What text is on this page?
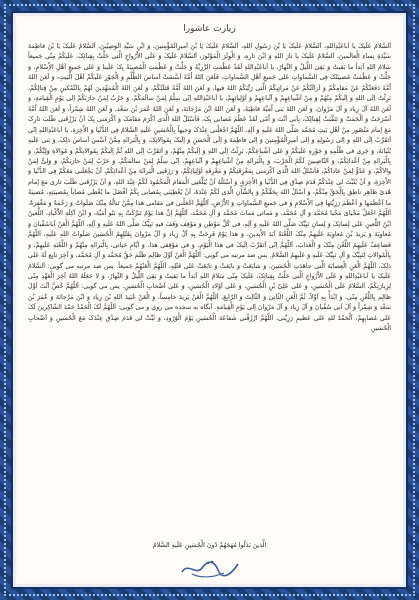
زیارت عاشورا
اَلسَّلامُ عَلَیکَ یا اَباعَبْدِاللهِ، اَلسَّلامُ عَلَیکَ یَا بْنَ رَسُولِ اللهِ، اَلسَّلامُ عَلَیکَ یَا بْنَ اَمیرِالْمُؤْمِنینَ، وَ ابْنِ سَیِّدِ الْوَصِیّینَ، اَلسَّلامُ عَلَیکَ یَا بْنَ فاطِمَةَ سَیِّدَةِ نِساءِ الْعالَمینَ، اَلسَّلامُ عَلَیکَ یا ثارَ اللهِ وَ ابْنَ ثارِهِ، وَ الْوِتْرَ الْمَوْتُورَ، اَلسَّلامُ عَلَیکَ وَ عَلَی الاَْرْواحِ الَّتی حَلَّتْ بِفِنائِکَ، عَلَیکُمْ مِنّی جَمیعاً سَلامُ اللهِ اَبَداً ما بَقیتُ وَ بَقِیَ اللَّیلُ وَ النَّهارُ، یا اَباعَبْدِاللهِ لَقَدْ عَظُمَتِ الرَّزِیَّةُ وَ جَلَّتْ وَ عَظُمَتِ الْمُصیبَةُ بِکَ عَلَینا وَ عَلی جَمیعِ اَهْلِ الاِْسْلامِ، وَ جَلَّتْ وَ عَظُمَتْ مُصیبَتُکَ فِی السَّماواتِ عَلی جَمیعِ اَهْلِ السَّماواتِ، فَلَعَنَ اللهُ اُمَّةً اَسَّسَتْ اَساسَ الظُّلْمِ وَ الْجَوْرِ عَلَیکُمْ اَهْلَ الْبَیتِ، وَ لَعَنَ اللهُ اُمَّةً دَفَعَتْکُمْ عَنْ مَقامِکُمْ وَ اَزالَتْکُمْ عَنْ مَراتِبِکُمُ الَّتی رَتَّبَکُمُ اللهُ فیها، وَ لَعَنَ اللهُ اُمَّةً قَتَلَتْکُمْ، وَ لَعَنَ اللهُ الْمُمَهِّدینَ لَهُمْ بِالتَّمْکینِ مِنْ قِتالِکُمْ، بَرِئْتُ اِلَی اللهِ وَ اِلَیکُمْ مِنْهُمْ وَ مِنْ اَشْیاعِهِمْ وَ اَتْباعِهِمْ وَ اَوْلِیائِهِمْ، یا اَباعَبْدِاللهِ اِنّی سِلْمٌ لِمَنْ سالَمَکُمْ، وَ حَرْبٌ لِمَنْ حارَبَکُمْ اِلی یَوْمِ الْقِیامَةِ، وَ لَعَنَ اللهُ آلَ زِیاد وَ آلَ مَرْوانَ، وَ لَعَنَ اللهُ بَنی اُمَیَّةَ قاطِبَةً، وَ لَعَنَ اللهُ ابْنَ مَرْجانَةَ، وَ لَعَنَ اللهُ عُمَرَ بْنَ سَعْد، وَ لَعَنَ اللهُ شِمْراً، وَ لَعَنَ اللهُ اُمَّةً اَسْرَجَتْ وَ اَلْجَمَتْ وَ تَنَقَّبَتْ لِقِتالِکَ، بِاَبی اَنْتَ وَ اُمّی لَقَدْ عَظُمَ مُصابی بِکَ، فَاَسْئَلُ اللهَ الَّذی اَکْرَمَ مَقامَکَ وَ اَکْرَمَنی بِکَ اَنْ یَرْزُقَنی طَلَبَ ثارِکَ مَعَ اِمام مَنْصُور مِنْ اَهْلِ بَیتِ مُحَمَّد صَلَّی اللهُ عَلَیهِ وَ آلِهِ، اَللّهُمَّ اجْعَلْنی عِنْدَکَ وَجیهاً بِالْحُسَینِ عَلَیهِ السَّلامُ فِی الدُّنْیا وَ الاْخِرَةِ، یا اَباعَبْدِاللهِ اِنّی اَتَقَرَّبُ اِلَی اللهِ وَ اِلی رَسُولِهِ وَ اِلی اَمیرِالْمُؤْمِنینَ وَ اِلی فاطِمَةَ وَ اِلَی الْحَسَنِ وَ اِلَیکَ بِمُوالاتِکَ، وَ بِالْبَرائَةِ مِمَّنْ اَسَّسَ اَساسَ ذلِکَ، وَ بَنی عَلَیهِ بُنْیانَهُ، وَ جَری فی ظُلْمِهِ وَ جَوْرِهِ عَلَیکُمْ وَ عَلی اَشْیاعِکُمْ، بَرِئْتُ اِلَی اللهِ وَ اِلَیکُمْ مِنْهُمْ، وَ اَتَقَرَّبُ اِلَی اللهِ ثُمَّ اِلَیکُمْ بِمُوالاتِکُمْ وَ مُوالاةِ وَلِیِّکُمْ، وَ بِالْبَرائَةِ مِنْ اَعْدائِکُمْ، وَ النّاصِبینَ لَکُمُ الْحَرْبَ، وَ بِالْبَرائَةِ مِنْ اَشْیاعِهِمْ وَ اَتْباعِهِمْ، اِنّی سِلْمٌ لِمَنْ سالَمَکُمْ، وَ حَرْبٌ لِمَنْ حارَبَکُمْ، وَ وَلِیٌّ لِمَنْ والاکُمْ، وَ عَدُوٌّ لِمَنْ عاداکُمْ، فَاَسْئَلُ اللهَ الَّذی اَکْرَمَنی بِمَعْرِفَتِکُمْ وَ مَعْرِفَةِ اَوْلِیائِکُمْ، وَ رَزَقَنِی الْبَرائَةَ مِنْ اَعْدائِکُمْ، اَنْ یَجْعَلَنی مَعَکُمْ فِی الدُّنْیا وَ الاْخِرَةِ، وَ اَنْ یُثَبِّتَ لی عِنْدَکُمْ قَدَمَ صِدْق فِی الدُّنْیا وَ الاْخِرَةِ، وَ اَسْئَلُهُ اَنْ یُبَلِّغَنِی الْمَقامَ الْمَحْمُودَ لَکُمْ عِنْدَ اللهِ، وَ اَنْ یَرْزُقَنی طَلَبَ ثاری مَعَ اِمام هُدیً ظاهِر ناطِق بِالْحَقِّ مِنْکُمْ، وَ اَسْئَلُ اللهَ بِحَقِّکُمْ وَ بِالشَّأْنِ الَّذی لَکُمْ عِنْدَهُ، اَنْ یُعْطِیَنی بِمُصابی بِکُمْ اَفْضَلَ ما یُعْطی مُصاباً بِمُصیبَتِهِ، مُصیبَةً ما اَعْظَمَها وَ اَعْظَمَ رَزِیَّتَها فِی الاِْسْلامِ وَ فی جَمیعِ السَّماواتِ وَ الاَْرْضِ، اَللّهُمَّ اجْعَلْنی فی مَقامی هذا مِمَّنْ تَنالُهُ مِنْکَ صَلَواتٌ وَ رَحْمَةٌ وَ مَغْفِرَةٌ، اَللّهُمَّ اجْعَلْ مَحْیایَ مَحْیا مُحَمَّد وَ آلِ مُحَمَّد، وَ مَماتی مَماتَ مُحَمَّد وَ آلِ مُحَمَّد، اَللّهُمَّ اِنَّ هذا یَوْمٌ تَبَرَّکَتْ بِهِ بَنُو اُمَیَّةَ، وَ ابْنُ آکِلَةِ الاَْکْبادِ، اللَّعینُ ابْنُ اللَّعینِ عَلی لِسانِکَ وَ لِسانِ نَبِیِّکَ صَلَّی اللهُ عَلَیهِ وَ آلِهِ، فی کُلِّ مَوْطِن وَ مَوْقِف وَقَفَ فیهِ نَبِیُّکَ صَلَّی اللهُ عَلَیهِ وَ آلِهِ، اَللّهُمَّ الْعَنْ اَباسُفْیانَ وَ مُعاوِیَةَ وَ یَزیدَ بْنَ مُعاوِیَةَ عَلَیهِمْ مِنْکَ اللَّعْنَةُ اَبَدَ الاْبِدینَ، وَ هذا یَوْمٌ فَرِحَتْ بِهِ آلُ زِیاد وَ آلُ مَرْوانَ بِقَتْلِهِمُ الْحُسَینَ صَلَواتُ اللهِ عَلَیهِ، اَللّهُمَّ فَضاعِفْ عَلَیهِمُ اللَّعْنَ مِنْکَ وَ الْعَذابَ، اَللّهُمَّ اِنّی اَتَقَرَّبُ اِلَیکَ فی هذَا الْیَوْمِ، وَ فی مَوْقِفی هذا، وَ اَیّامِ حَیاتی، بِالْبَرائَةِ مِنْهُمْ وَ اللَّعْنَةِ عَلَیهِمْ، وَ بِالْمُوالاتِ لِنَبِیِّکَ وَ آلِ نَبِیِّکَ عَلَیهِ وَ عَلَیهِمُ السَّلامُ. پس صد مرتبه می گویی: اَللّهُمَّ الْعَنْ اَوَّلَ ظالِم ظَلَمَ حَقَّ مُحَمَّد وَ آلِ مُحَمَّد، وَ آخِرَ تابِع لَهُ عَلی ذلِکَ، اَللّهُمَّ الْعَنِ الْعِصابَةَ الَّتی جاهَدَتِ الْحُسَینَ، وَ شایَعَتْ وَ بایَعَتْ وَ تابَعَتْ عَلی قَتْلِهِ، اَللّهُمَّ الْعَنْهُمْ جَمیعاً. پس صد مرتبه می گویی: اَلسَّلامُ عَلَیکَ یا اَباعَبْدِاللهِ وَ عَلَی الاَْرْواحِ الَّتی حَلَّتْ بِفِنائِکَ، عَلَیکَ مِنّی سَلامُ اللهِ اَبَداً ما بَقیتُ وَ بَقِیَ اللَّیلُ وَ النَّهارُ، وَ لا جَعَلَهُ اللهُ آخِرَ الْعَهْدِ مِنّی لِزِیارَتِکُمْ، اَلسَّلامُ عَلَی الْحُسَینِ، وَ عَلی عَلِیِّ بْنِ الْحُسَینِ، وَ عَلی اَوْلادِ الْحُسَینِ، وَ عَلی اَصْحابِ الْحُسَینِ. پس می گویی: اَللّهُمَّ خُصَّ اَنْتَ اَوَّلَ ظالِم بِاللَّعْنِ مِنّی، وَ ابْدَأْ بِهِ اَوَّلاً، ثُمَّ الْعَنِ الثّانِیَ وَ الثّالِثَ وَ الرّابِعَ، اَللّهُمَّ الْعَنْ یَزیدَ خامِساً، وَ الْعَنْ عُبَیدَ اللهِ بْنَ زِیاد وَ ابْنَ مَرْجانَةَ وَ عُمَرَ بْنَ سَعْد وَ شِمْراً وَ آلَ اَبی سُفْیانَ وَ آلَ زِیاد وَ آلَ مَرْوانَ اِلی یَوْمِ الْقِیامَةِ. آنگاه به سجده می روی و می گویی: اَللّهُمَّ لَکَ الْحَمْدُ حَمْدَ الشّاکِرینَ لَکَ عَلی مُصابِهِمْ، اَلْحَمْدُ للهِ عَلی عَظیمِ رَزِیَّتی، اَللّهُمَّ ارْزُقْنی شَفاعَةَ الْحُسَینِ یَوْمَ الْوُرُودِ، وَ ثَبِّتْ لی قَدَمَ صِدْق عِنْدَکَ مَعَ الْحُسَینِ وَ اَصْحابِ الْحُسَینِ
الَّذینَ بَذَلُوا مُهَجَهُمْ دُونَ الْحُسَینِ عَلَیهِ السَّلامُ
